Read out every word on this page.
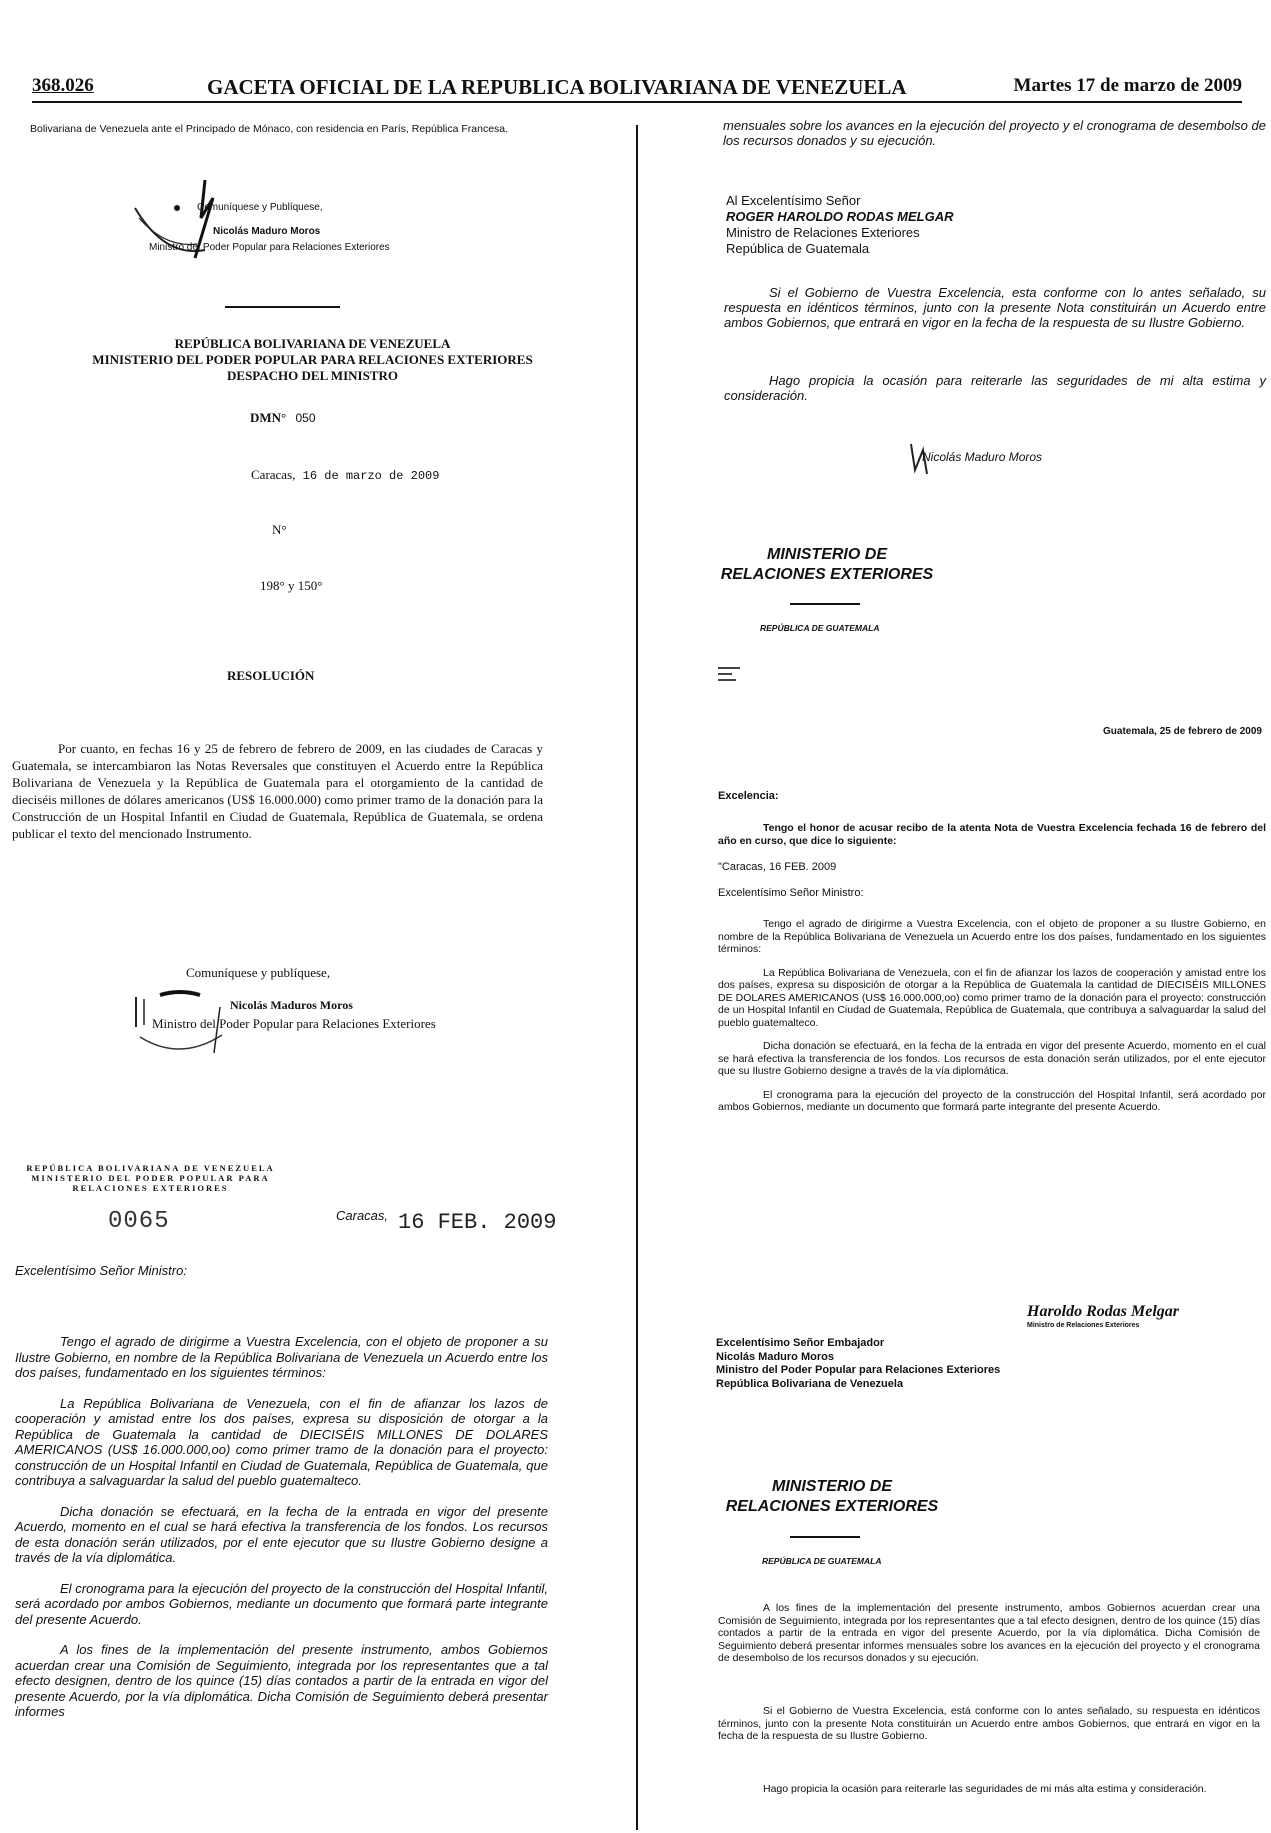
368.026	GACETA OFICIAL DE LA REPUBLICA BOLIVARIANA DE VENEZUELA	Martes 17 de marzo de 2009

Bolivariana de Venezuela ante el Principado de Mónaco, con residencia en París, República Francesa.

Comuníquese y Publíquese,
Nicolás Maduro Moros
Ministro del Poder Popular para Relaciones Exteriores
REPÚBLICA BOLIVARIANA DE VENEZUELA
MINISTERIO DEL PODER POPULAR PARA RELACIONES EXTERIORES
DESPACHO DEL MINISTRO
DMN° 050
Caracas, 16 de marzo de 2009
N°
198° y 150°
RESOLUCIÓN

Por cuanto, en fechas 16 y 25 de febrero de febrero de 2009, en las ciudades de Caracas y Guatemala, se intercambiaron las Notas Reversales que constituyen el Acuerdo entre la República Bolivariana de Venezuela y la República de Guatemala para el otorgamiento de la cantidad de dieciséis millones de dólares americanos (US$ 16.000.000) como primer tramo de la donación para la Construcción de un Hospital Infantil en Ciudad de Guatemala, República de Guatemala, se ordena publicar el texto del mencionado Instrumento.

Comuníquese y publíquese,
Nicolás Maduros Moros
Ministro del Poder Popular para Relaciones Exteriores
REPÚBLICA BOLIVARIANA DE VENEZUELA
MINISTERIO DEL PODER POPULAR PARA
RELACIONES EXTERIORES
0065	Caracas, 16 FEB. 2009
Excelentísimo Señor Ministro:

Tengo el agrado de dirigirme a Vuestra Excelencia, con el objeto de proponer a su Ilustre Gobierno, en nombre de la República Bolivariana de Venezuela un Acuerdo entre los dos países, fundamentado en los siguientes términos:

La República Bolivariana de Venezuela, con el fin de afianzar los lazos de cooperación y amistad entre los dos países, expresa su disposición de otorgar a la República de Guatemala la cantidad de DIECISÉIS MILLONES DE DOLARES AMERICANOS (US$ 16.000.000,oo) como primer tramo de la donación para el proyecto: construcción de un Hospital Infantil en Ciudad de Guatemala, República de Guatemala, que contribuya a salvaguardar la salud del pueblo guatemalteco.

Dicha donación se efectuará, en la fecha de la entrada en vigor del presente Acuerdo, momento en el cual se hará efectiva la transferencia de los fondos. Los recursos de esta donación serán utilizados, por el ente ejecutor que su Ilustre Gobierno designe a través de la vía diplomática.

El cronograma para la ejecución del proyecto de la construcción del Hospital Infantil, será acordado por ambos Gobiernos, mediante un documento que formará parte integrante del presente Acuerdo.

A los fines de la implementación del presente instrumento, ambos Gobiernos acuerdan crear una Comisión de Seguimiento, integrada por los representantes que a tal efecto designen, dentro de los quince (15) días contados a partir de la entrada en vigor del presente Acuerdo, por la vía diplomática. Dicha Comisión de Seguimiento deberá presentar informes

mensuales sobre los avances en la ejecución del proyecto y el cronograma de desembolso de los recursos donados y su ejecución.

Al Excelentísimo Señor
ROGER HAROLDO RODAS MELGAR
Ministro de Relaciones Exteriores
República de Guatemala

Si el Gobierno de Vuestra Excelencia, esta conforme con lo antes señalado, su respuesta en idénticos términos, junto con la presente Nota constituirán un Acuerdo entre ambos Gobiernos, que entrará en vigor en la fecha de la respuesta de su Ilustre Gobierno.

Hago propicia la ocasión para reiterarle las seguridades de mi alta estima y consideración.

Nicolás Maduro Moros
MINISTERIO DE
RELACIONES EXTERIORES
REPÚBLICA DE GUATEMALA
Guatemala, 25 de febrero de 2009
Excelencia:

Tengo el honor de acusar recibo de la atenta Nota de Vuestra Excelencia fechada 16 de febrero del año en curso, que dice lo siguiente:

"Caracas, 16 FEB. 2009
Excelentísimo Señor Ministro:

Tengo el agrado de dirigirme a Vuestra Excelencia, con el objeto de proponer a su Ilustre Gobierno, en nombre de la República Bolivariana de Venezuela un Acuerdo entre los dos países, fundamentado en los siguientes términos:

La República Bolivariana de Venezuela, con el fin de afianzar los lazos de cooperación y amistad entre los dos países, expresa su disposición de otorgar a la República de Guatemala la cantidad de DIECISÉIS MILLONES DE DOLARES AMERICANOS (US$ 16.000.000,oo) como primer tramo de la donación para el proyecto: construcción de un Hospital Infantil en Ciudad de Guatemala, República de Guatemala, que contribuya a salvaguardar la salud del pueblo guatemalteco.

Dicha donación se efectuará, en la fecha de la entrada en vigor del presente Acuerdo, momento en el cual se hará efectiva la transferencia de los fondos. Los recursos de esta donación serán utilizados, por el ente ejecutor que su Ilustre Gobierno designe a través de la vía diplomática.

El cronograma para la ejecución del proyecto de la construcción del Hospital Infantil, será acordado por ambos Gobiernos, mediante un documento que formará parte integrante del presente Acuerdo.

Haroldo Rodas Melgar
Ministro de Relaciones Exteriores
Excelentísimo Señor Embajador
Nicolás Maduro Moros
Ministro del Poder Popular para Relaciones Exteriores
República Bolivariana de Venezuela
MINISTERIO DE
RELACIONES EXTERIORES
REPÚBLICA DE GUATEMALA

A los fines de la implementación del presente instrumento, ambos Gobiernos acuerdan crear una Comisión de Seguimiento, integrada por los representantes que a tal efecto designen, dentro de los quince (15) días contados a partir de la entrada en vigor del presente Acuerdo, por la vía diplomática. Dicha Comisión de Seguimiento deberá presentar informes mensuales sobre los avances en la ejecución del proyecto y el cronograma de desembolso de los recursos donados y su ejecución.

Si el Gobierno de Vuestra Excelencia, está conforme con lo antes señalado, su respuesta en idénticos términos, junto con la presente Nota constituirán un Acuerdo entre ambos Gobiernos, que entrará en vigor en la fecha de la respuesta de su Ilustre Gobierno.

Hago propicia la ocasión para reiterarle las seguridades de mi más alta estima y consideración.
